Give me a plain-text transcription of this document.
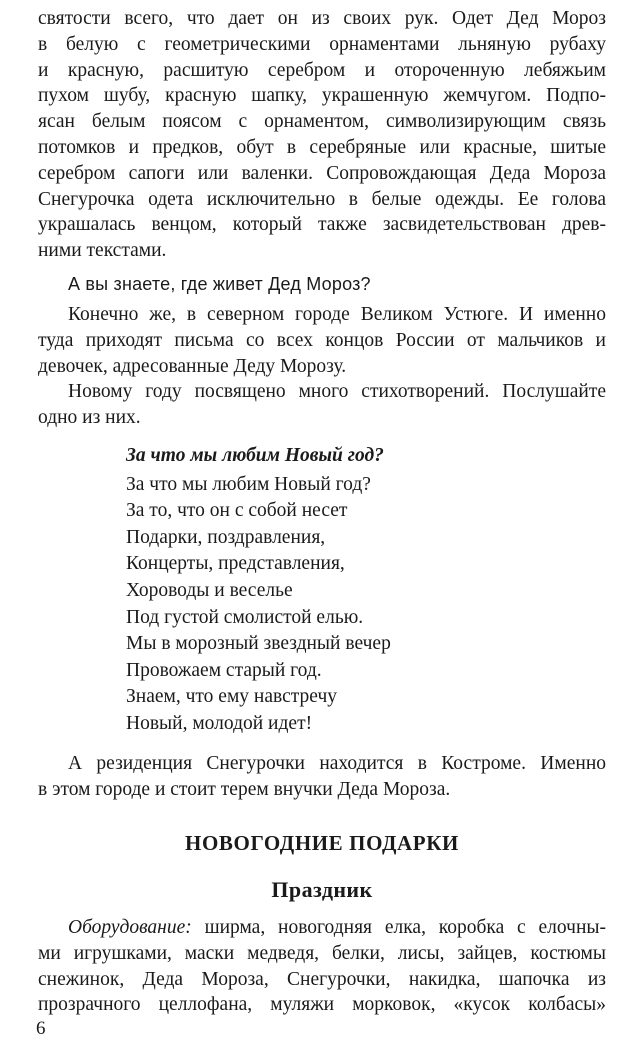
святости всего, что дает он из своих рук. Одет Дед Мороз
в белую с геометрическими орнаментами льняную рубаху
и красную, расшитую серебром и отороченную лебяжьим
пухом шубу, красную шапку, украшенную жемчугом. Подпо-
ясан белым поясом с орнаментом, символизирующим связь
потомков и предков, обут в серебряные или красные, шитые
серебром сапоги или валенки. Сопровождающая Деда Мороза
Снегурочка одета исключительно в белые одежды. Ее голова
украшалась венцом, который также засвидетельствован древ-
ними текстами.

А вы знаете, где живет Дед Мороз?

Конечно же, в северном городе Великом Устюге. И именно
туда приходят письма со всех концов России от мальчиков и
девочек, адресованные Деду Морозу.

Новому году посвящено много стихотворений. Послушайте
одно из них.

За что мы любим Новый год?
За что мы любим Новый год?
За то, что он с собой несет
Подарки, поздравления,
Концерты, представления,
Хороводы и веселье
Под густой смолистой елью.
Мы в морозный звездный вечер
Провожаем старый год.
Знаем, что ему навстречу
Новый, молодой идет!

А резиденция Снегурочки находится в Костроме. Именно
в этом городе и стоит терем внучки Деда Мороза.

НОВОГОДНИЕ ПОДАРКИ
Праздник

Оборудование: ширма, новогодняя елка, коробка с елочны-
ми игрушками, маски медведя, белки, лисы, зайцев, костюмы
снежинок, Деда Мороза, Снегурочки, накидка, шапочка из
прозрачного целлофана, муляжи морковок, «кусок колбасы»

6
